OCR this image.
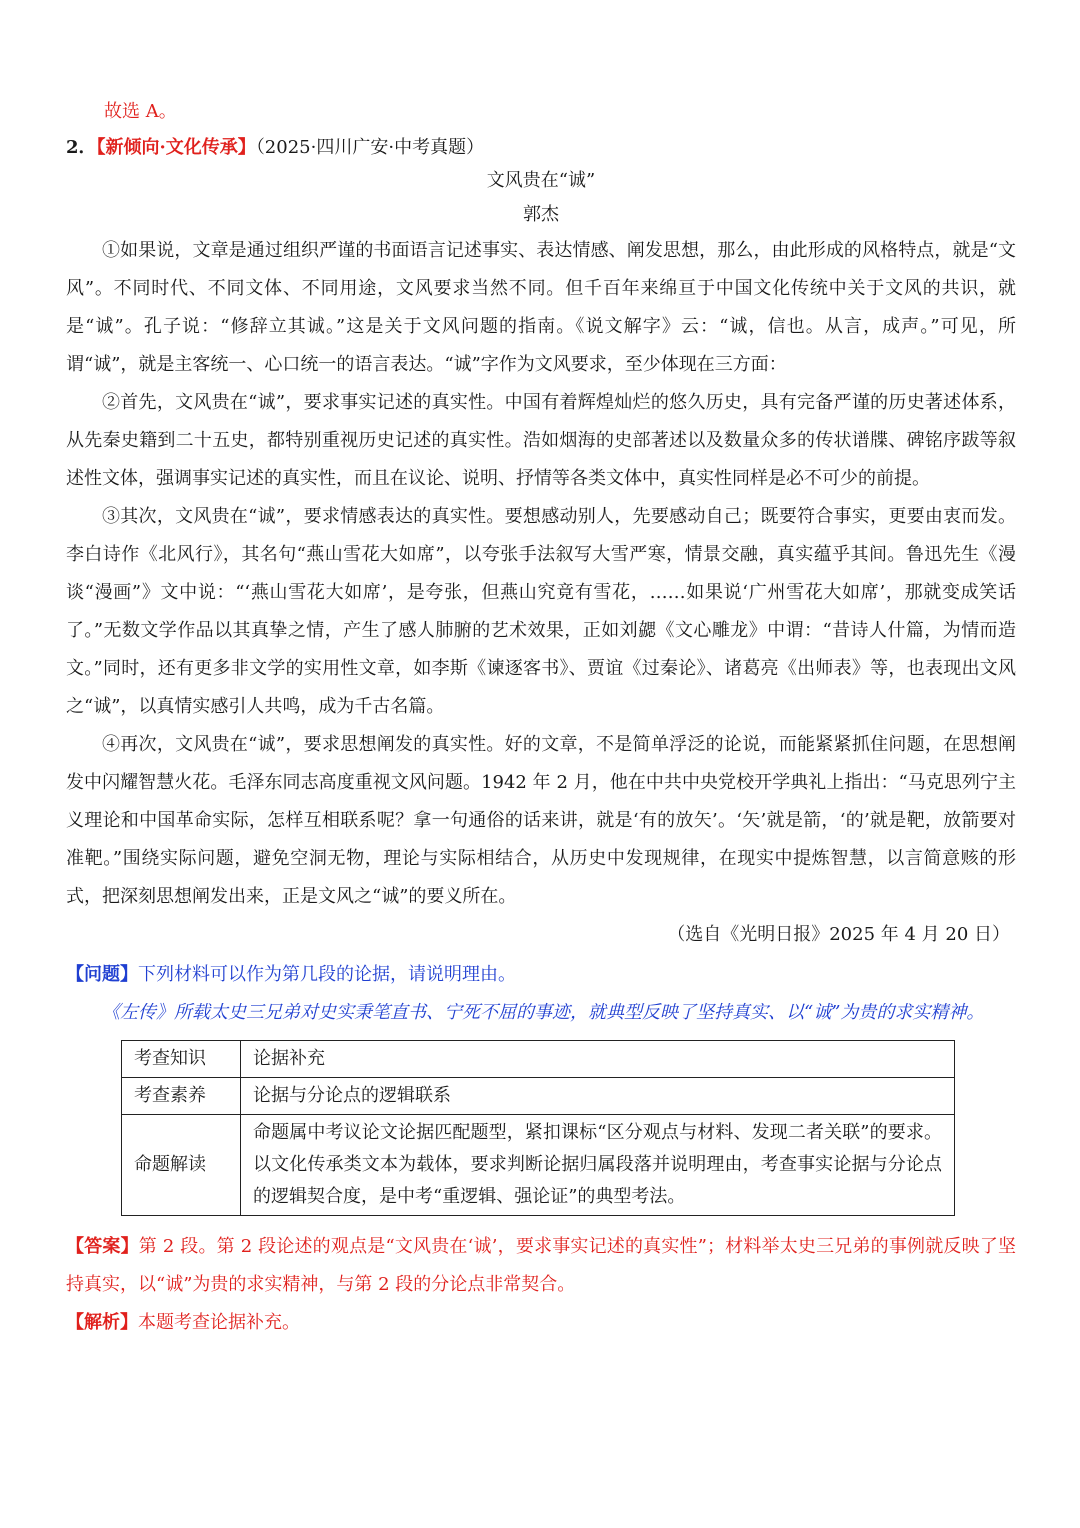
故选 A。
2．【新倾向·文化传承】（2025·四川广安·中考真题）
文风贵在“诚”
郭杰

①如果说，文章是通过组织严谨的书面语言记述事实、表达情感、阐发思想，那么，由此形成的风格特点，就是“文风”。不同时代、不同文体、不同用途，文风要求当然不同。但千百年来绵亘于中国文化传统中关于文风的共识，就是“诚”。孔子说：“修辞立其诚。”这是关于文风问题的指南。《说文解字》云：“诚，信也。从言，成声。”可见，所谓“诚”，就是主客统一、心口统一的语言表达。“诚”字作为文风要求，至少体现在三方面：

②首先，文风贵在“诚”，要求事实记述的真实性。中国有着辉煌灿烂的悠久历史，具有完备严谨的历史著述体系，从先秦史籍到二十五史，都特别重视历史记述的真实性。浩如烟海的史部著述以及数量众多的传状谱牒、碑铭序跋等叙述性文体，强调事实记述的真实性，而且在议论、说明、抒情等各类文体中，真实性同样是必不可少的前提。

③其次，文风贵在“诚”，要求情感表达的真实性。要想感动别人，先要感动自己；既要符合事实，更要由衷而发。李白诗作《北风行》，其名句“燕山雪花大如席”，以夸张手法叙写大雪严寒，情景交融，真实蕴乎其间。鲁迅先生《漫谈“漫画”》文中说：“‘燕山雪花大如席’，是夸张，但燕山究竟有雪花，……如果说‘广州雪花大如席’，那就变成笑话了。”无数文学作品以其真挚之情，产生了感人肺腑的艺术效果，正如刘勰《文心雕龙》中谓：“昔诗人什篇，为情而造文。”同时，还有更多非文学的实用性文章，如李斯《谏逐客书》、贾谊《过秦论》、诸葛亮《出师表》等，也表现出文风之“诚”，以真情实感引人共鸣，成为千古名篇。

④再次，文风贵在“诚”，要求思想阐发的真实性。好的文章，不是简单浮泛的论说，而能紧紧抓住问题，在思想阐发中闪耀智慧火花。毛泽东同志高度重视文风问题。1942 年 2 月，他在中共中央党校开学典礼上指出：“马克思列宁主义理论和中国革命实际，怎样互相联系呢？拿一句通俗的话来讲，就是‘有的放矢’。‘矢’就是箭，‘的’就是靶，放箭要对准靶。”围绕实际问题，避免空洞无物，理论与实际相结合，从历史中发现规律，在现实中提炼智慧，以言简意赅的形式，把深刻思想阐发出来，正是文风之“诚”的要义所在。

（选自《光明日报》2025 年 4 月 20 日）
【问题】下列材料可以作为第几段的论据，请说明理由。

《左传》所载太史三兄弟对史实秉笔直书、宁死不屈的事迹，就典型反映了坚持真实、以“诚”为贵的求实精神。

考查知识	论据补充
考查素养	论据与分论点的逻辑联系
命题解读	命题属中考议论文论据匹配题型，紧扣课标“区分观点与材料、发现二者关联”的要求。以文化传承类文本为载体，要求判断论据归属段落并说明理由，考查事实论据与分论点的逻辑契合度，是中考“重逻辑、强论证”的典型考法。
【答案】第 2 段。第 2 段论述的观点是“文风贵在‘诚’，要求事实记述的真实性”；材料举太史三兄弟的事例就反映了坚持真实，以“诚”为贵的求实精神，与第 2 段的分论点非常契合。
【解析】本题考查论据补充。
